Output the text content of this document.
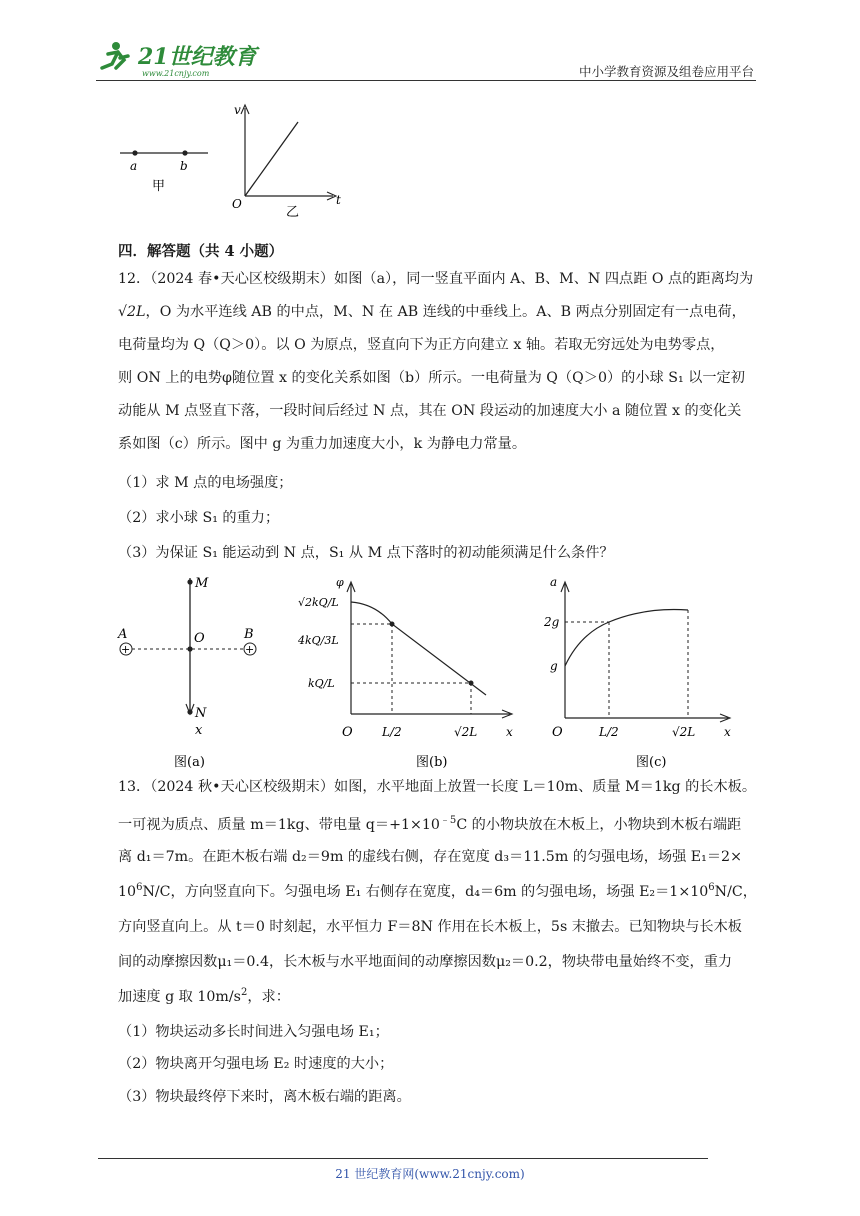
21世纪教育
www.21cnjy.com	中小学教育资源及组卷应用平台
a	b
甲
v
t
O
乙
四．解答题（共 4 小题）
12．（2024 春•天心区校级期末）如图（a），同一竖直平面内 A、B、M、N 四点距 O 点的距离均为
√2L，O 为水平连线 AB 的中点，M、N 在 AB 连线的中垂线上。A、B 两点分别固定有一点电荷，
电荷量均为 Q（Q＞0）。以 O 为原点，竖直向下为正方向建立 x 轴。若取无穷远处为电势零点，
则 ON 上的电势φ随位置 x 的变化关系如图（b）所示。一电荷量为 Q（Q＞0）的小球 S₁ 以一定初
动能从 M 点竖直下落，一段时间后经过 N 点，其在 ON 段运动的加速度大小 a 随位置 x 的变化关
系如图（c）所示。图中 g 为重力加速度大小，k 为静电力常量。
（1）求 M 点的电场强度；
（2）求小球 S₁ 的重力；
（3）为保证 S₁ 能运动到 N 点，S₁ 从 M 点下落时的初动能须满足什么条件？
+	+
M
A	O	B
N
x
图(a)
φ
√2kQ/L
4kQ/3L
kQ/L
O L/2	√2L x
图(b)
a
2g
g
O	L/2	√2L x
图(c)
13．（2024 秋•天心区校级期末）如图，水平地面上放置一长度 L＝10m、质量 M＝1kg 的长木板。
一可视为质点、质量 m＝1kg、带电量 $q=+1\times 10^{﹣5}C$ 的小物块放在木板上，小物块到木板右端距
离 d₁＝7m。在距木板右端 d₂＝9m 的虚线右侧，存在宽度 d₃＝11.5m 的匀强电场，场强 E₁＝2×
$10^6N/C$，方向竖直向下。匀强电场 E₁ 右侧存在宽度，d₄＝6m 的匀强电场，场强 $E_2=1\times 10^6N/C$，
方向竖直向上。从 t＝0 时刻起，水平恒力 F＝8N 作用在长木板上，5s 末撤去。已知物块与长木板
间的动摩擦因数μ₁＝0.4，长木板与水平地面间的动摩擦因数μ₂＝0.2，物块带电量始终不变，重力
加速度 g 取 $10m/s^2$，求：
（1）物块运动多长时间进入匀强电场 E₁；
（2）物块离开匀强电场 E₂ 时速度的大小；
（3）物块最终停下来时，离木板右端的距离。
21 世纪教育网(www.21cnjy.com)
